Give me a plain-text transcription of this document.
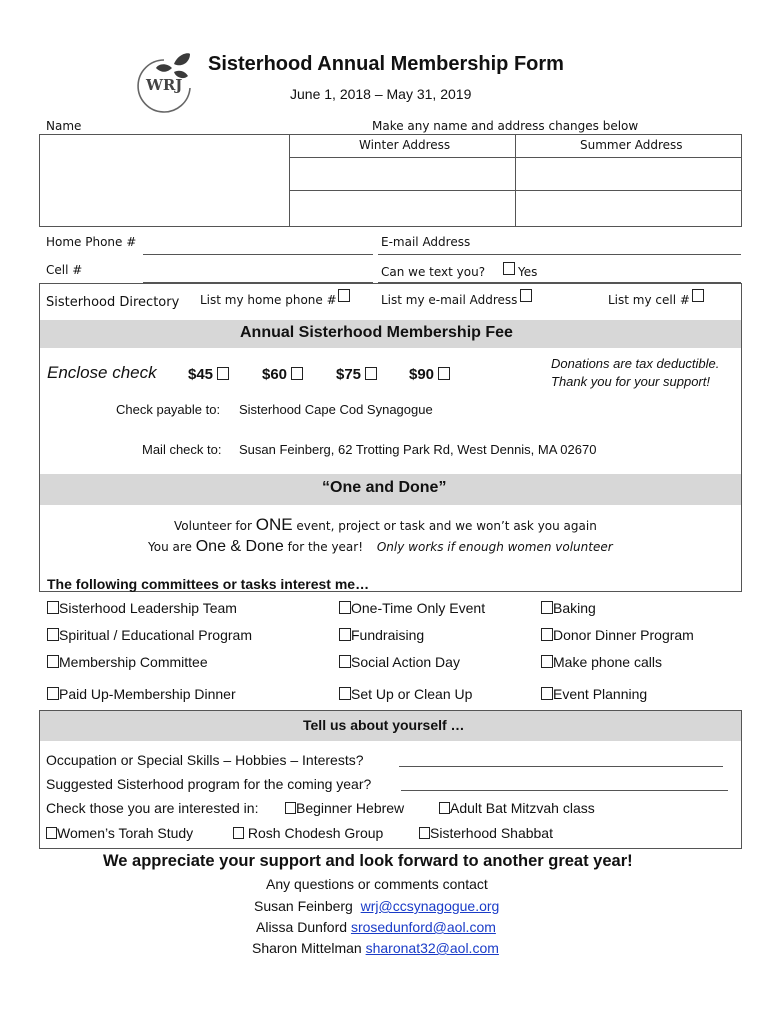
WRJ
Sisterhood Annual Membership Form
June 1, 2018 – May 31, 2019
Name	Make any name and address changes below
Winter Address	Summer Address
Home Phone #	E-mail Address
Cell #	Can we text you?	Yes
Sisterhood Directory List my home phone #	List my e-mail Address	List my cell #
Annual Sisterhood Membership Fee
Enclose check $45	$60	$75	$90
Donations are tax deductible.
Thank you for your support!
Check payable to: Sisterhood Cape Cod Synagogue
Mail check to: Susan Feinberg, 62 Trotting Park Rd, West Dennis, MA 02670
“One and Done”
Volunteer for ONE event, project or task and we won’t ask you again
You are One & Done for the year! Only works if enough women volunteer
The following committees or tasks interest me…
Sisterhood Leadership Team	One-Time Only Event	Baking
Spiritual / Educational Program	Fundraising	Donor Dinner Program
Membership Committee	Social Action Day	Make phone calls
Paid Up-Membership Dinner	Set Up or Clean Up	Event Planning
Tell us about yourself …
Occupation or Special Skills – Hobbies – Interests?
Suggested Sisterhood program for the coming year?
Check those you are interested in:	Beginner Hebrew	Adult Bat Mitzvah class
Women’s Torah Study	Rosh Chodesh Group	Sisterhood Shabbat
We appreciate your support and look forward to another great year!
Any questions or comments contact
Susan Feinberg wrj@ccsynagogue.org
Alissa Dunford srosedunford@aol.com
Sharon Mittelman sharonat32@aol.com
